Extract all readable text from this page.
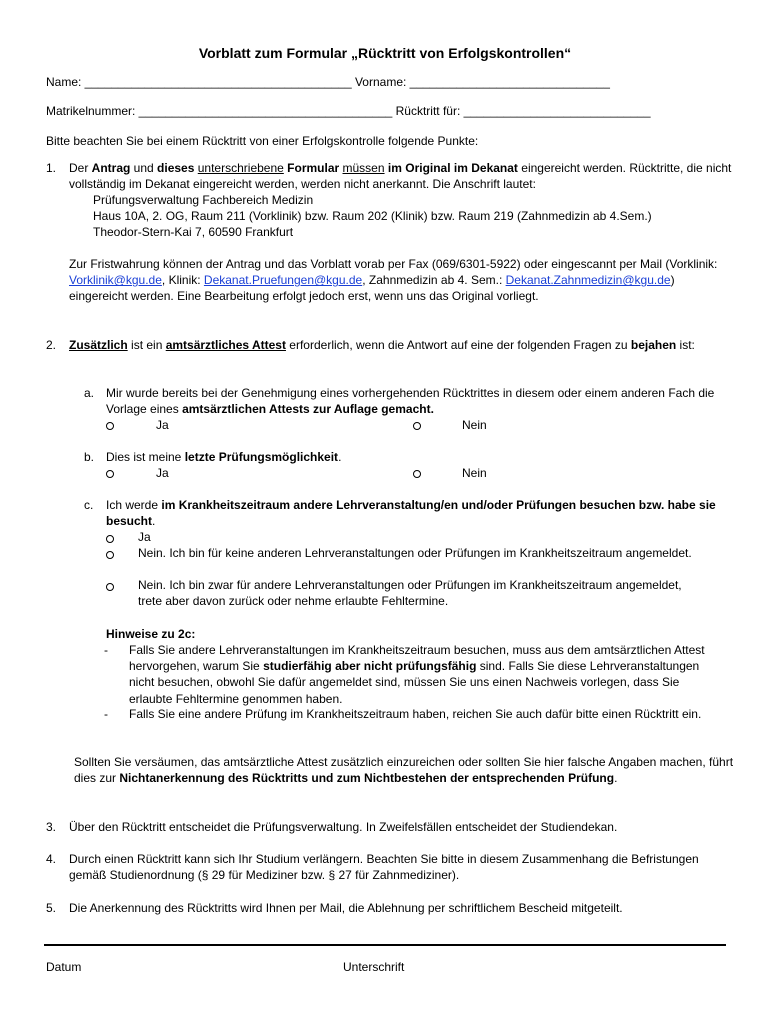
Vorblatt zum Formular „Rücktritt von Erfolgskontrollen“
Name: ________________________________________ Vorname: ______________________________
Matrikelnummer: ______________________________________ Rücktritt für: ____________________________
Bitte beachten Sie bei einem Rücktritt von einer Erfolgskontrolle folgende Punkte:
1. Der Antrag und dieses unterschriebene Formular müssen im Original im Dekanat eingereicht werden. Rücktritte, die nicht vollständig im Dekanat eingereicht werden, werden nicht anerkannt. Die Anschrift lautet:
Prüfungsverwaltung Fachbereich Medizin
Haus 10A, 2. OG, Raum 211 (Vorklinik) bzw. Raum 202 (Klinik) bzw. Raum 219 (Zahnmedizin ab 4.Sem.)
Theodor-Stern-Kai 7, 60590 Frankfurt
Zur Fristwahrung können der Antrag und das Vorblatt vorab per Fax (069/6301-5922) oder eingescannt per Mail (Vorklinik: Vorklinik@kgu.de, Klinik: Dekanat.Pruefungen@kgu.de, Zahnmedizin ab 4. Sem.: Dekanat.Zahnmedizin@kgu.de) eingereicht werden. Eine Bearbeitung erfolgt jedoch erst, wenn uns das Original vorliegt.
2. Zusätzlich ist ein amtsärztliches Attest erforderlich, wenn die Antwort auf eine der folgenden Fragen zu bejahen ist:
a. Mir wurde bereits bei der Genehmigung eines vorhergehenden Rücktrittes in diesem oder einem anderen Fach die Vorlage eines amtsärztlichen Attests zur Auflage gemacht.
Ja	Nein
b. Dies ist meine letzte Prüfungsmöglichkeit.
Ja	Nein
c. Ich werde im Krankheitszeitraum andere Lehrveranstaltung/en und/oder Prüfungen besuchen bzw. habe sie besucht.
Ja
Nein. Ich bin für keine anderen Lehrveranstaltungen oder Prüfungen im Krankheitszeitraum angemeldet.
Nein. Ich bin zwar für andere Lehrveranstaltungen oder Prüfungen im Krankheitszeitraum angemeldet, trete aber davon zurück oder nehme erlaubte Fehltermine.
Hinweise zu 2c:
- Falls Sie andere Lehrveranstaltungen im Krankheitszeitraum besuchen, muss aus dem amtsärztlichen Attest hervorgehen, warum Sie studierfähig aber nicht prüfungsfähig sind. Falls Sie diese Lehrveranstaltungen nicht besuchen, obwohl Sie dafür angemeldet sind, müssen Sie uns einen Nachweis vorlegen, dass Sie erlaubte Fehltermine genommen haben.
- Falls Sie eine andere Prüfung im Krankheitszeitraum haben, reichen Sie auch dafür bitte einen Rücktritt ein.
Sollten Sie versäumen, das amtsärztliche Attest zusätzlich einzureichen oder sollten Sie hier falsche Angaben machen, führt dies zur Nichtanerkennung des Rücktritts und zum Nichtbestehen der entsprechenden Prüfung.
3. Über den Rücktritt entscheidet die Prüfungsverwaltung. In Zweifelsfällen entscheidet der Studiendekan.
4. Durch einen Rücktritt kann sich Ihr Studium verlängern. Beachten Sie bitte in diesem Zusammenhang die Befristungen gemäß Studienordnung (§ 29 für Mediziner bzw. § 27 für Zahnmediziner).
5. Die Anerkennung des Rücktritts wird Ihnen per Mail, die Ablehnung per schriftlichem Bescheid mitgeteilt.
Datum	Unterschrift
